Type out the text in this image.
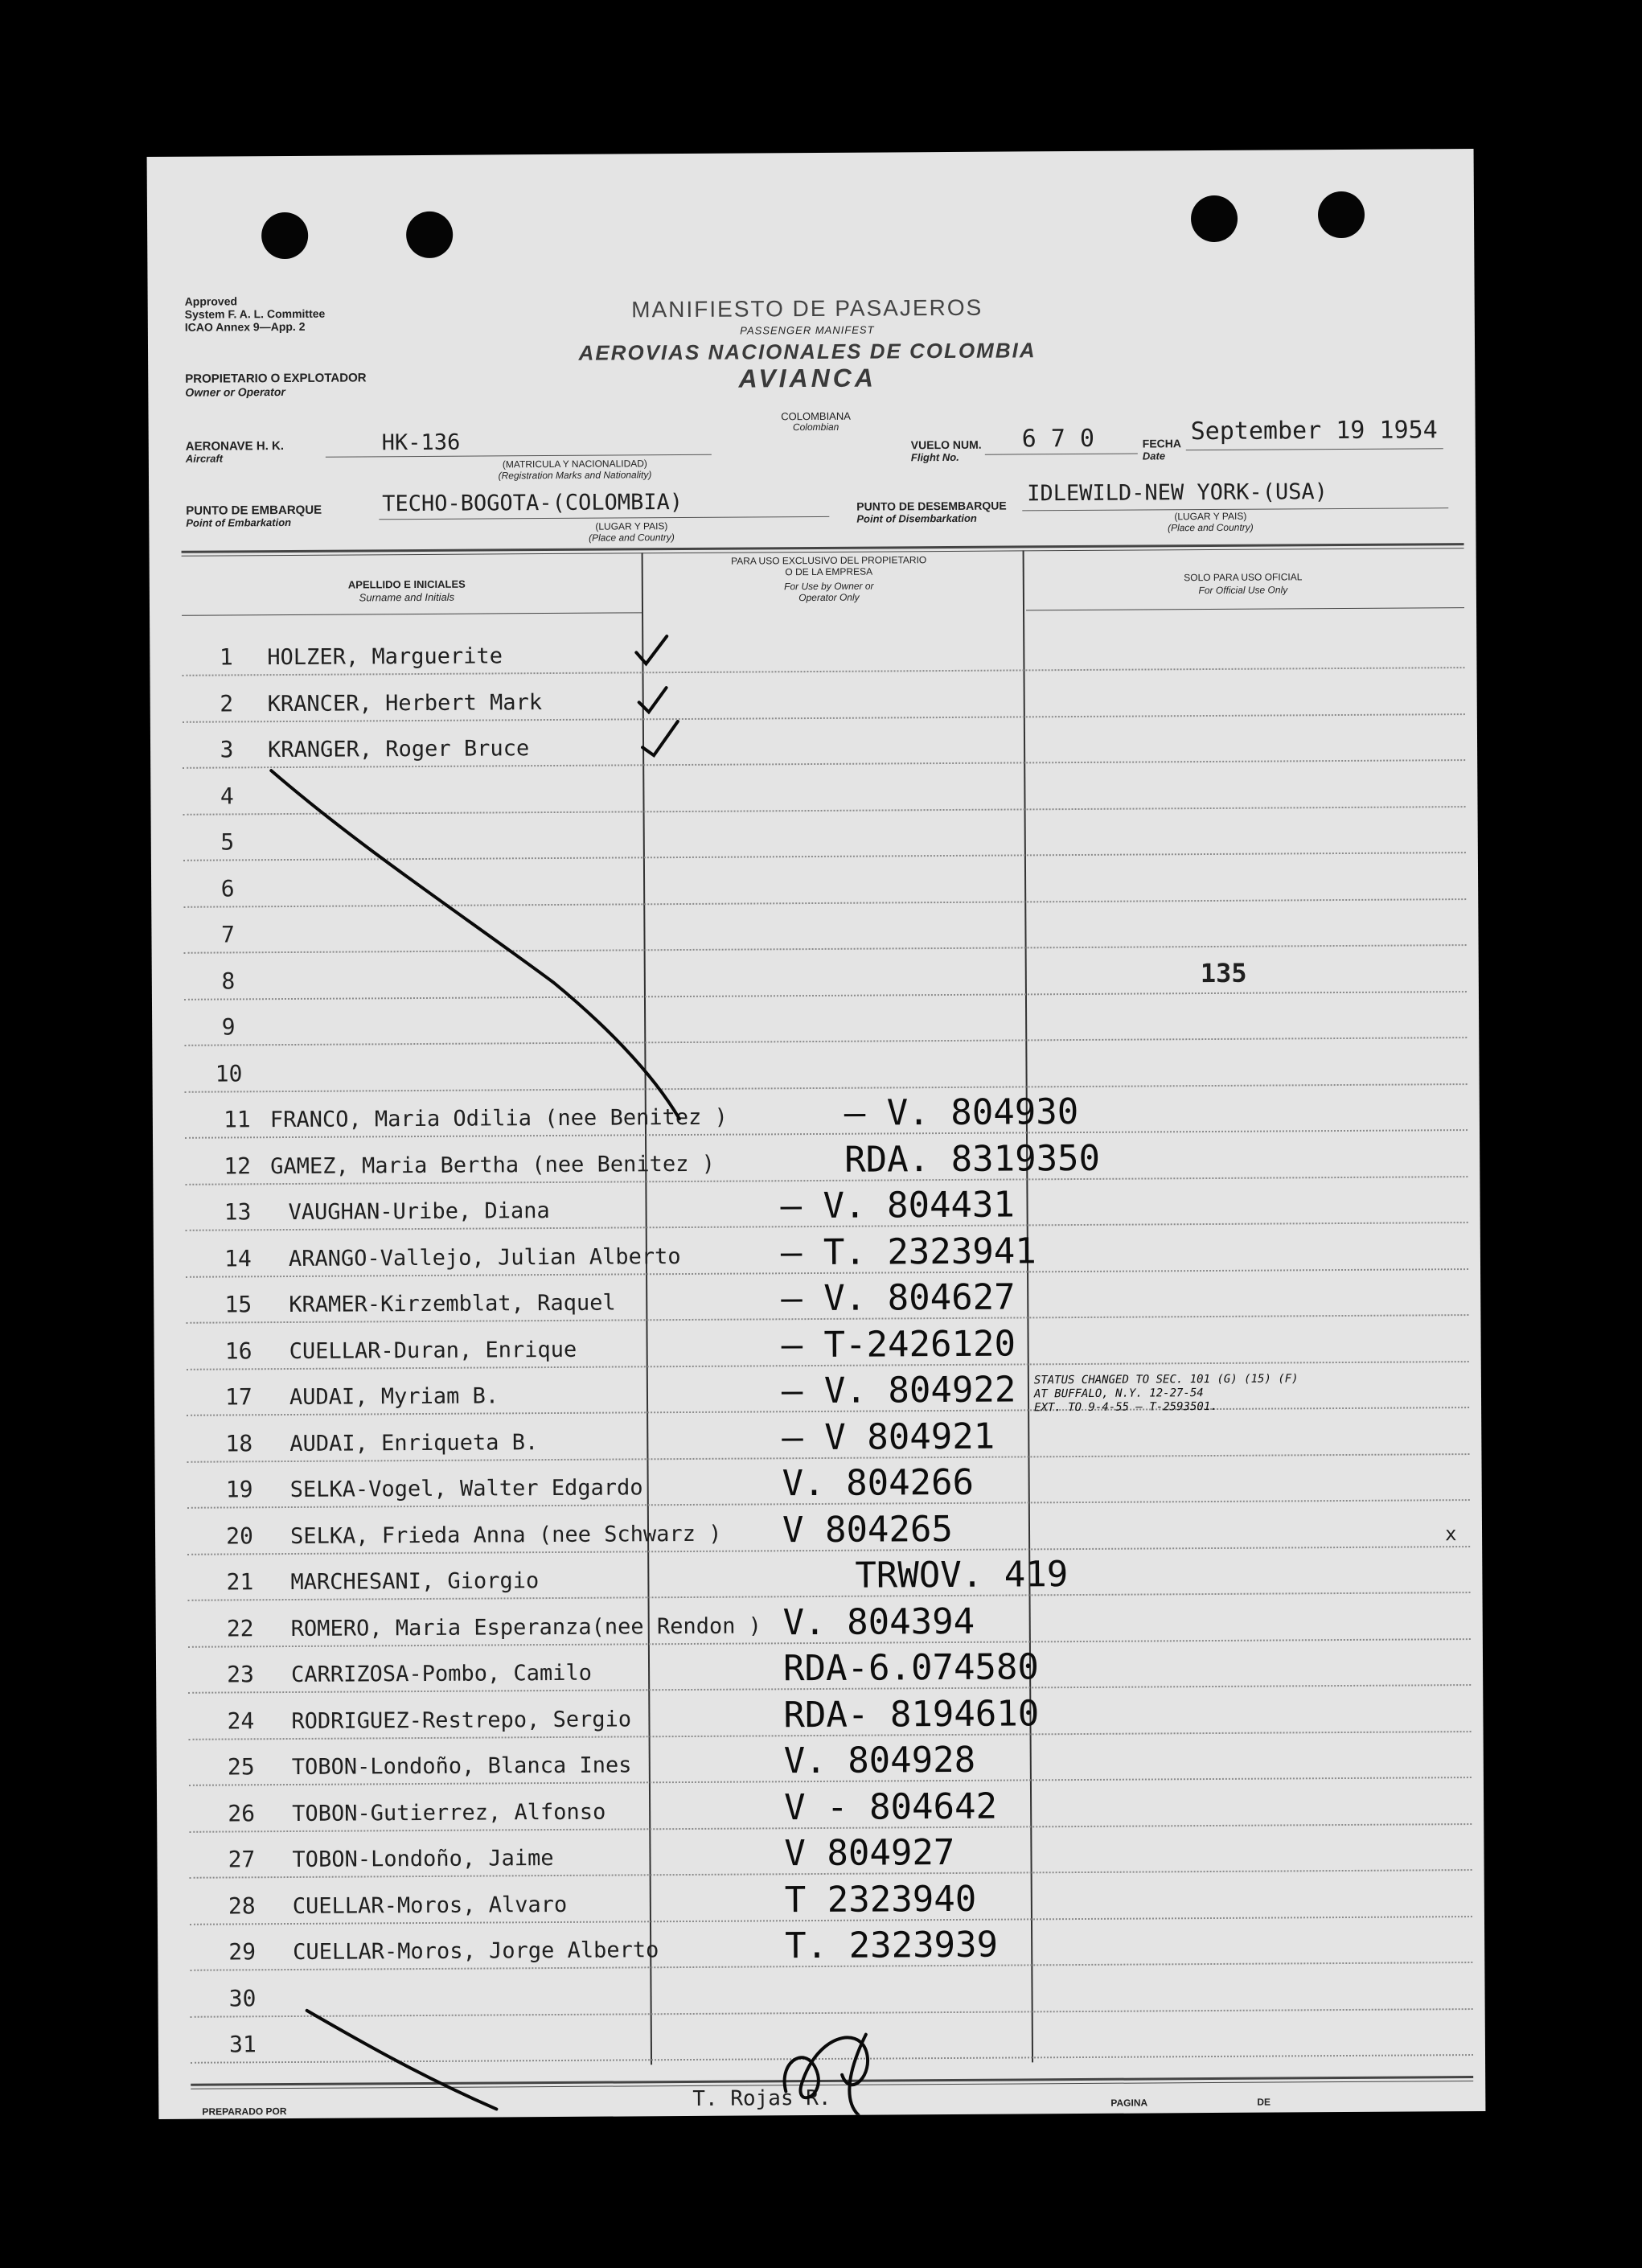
Approved
System F. A. L. Committee
ICAO Annex 9—App. 2
MANIFIESTO DE PASAJEROS
PASSENGER MANIFEST
AEROVIAS NACIONALES DE COLOMBIA
AVIANCA
PROPIETARIO O EXPLOTADOR
Owner or Operator
AERONAVE H. K.
Aircraft
HK-136
(MATRICULA Y NACIONALIDAD)
(Registration Marks and Nationality)
COLOMBIANA
Colombian
VUELO NUM.
Flight No.
6 7 0	FECHA
Date
September 19 1954
PUNTO DE EMBARQUE
Point of Embarkation
TECHO-BOGOTA-(COLOMBIA)
(LUGAR Y PAIS)
(Place and Country)
PUNTO DE DESEMBARQUE
Point of Disembarkation
IDLEWILD-NEW YORK-(USA)
(LUGAR Y PAIS)
(Place and Country)
APELLIDO E INICIALES
Surname and Initials
PARA USO EXCLUSIVO DEL PROPIETARIO
O DE LA EMPRESA
For Use by Owner or
Operator Only
SOLO PARA USO OFICIAL
For Official Use Only
1	HOLZER, Marguerite
2	KRANCER, Herbert Mark
3	KRANGER, Roger Bruce
4
5
6
7
8
9
10
11 FRANCO, Maria Odilia (nee Benitez )	— V. 804930
12 GAMEZ, Maria Bertha (nee Benitez )	RDA. 8319350
13 VAUGHAN-Uribe, Diana	— V. 804431
14 ARANGO-Vallejo, Julian Alberto	— T. 2323941
15 KRAMER-Kirzemblat, Raquel	— V. 804627
16 CUELLAR-Duran, Enrique	— T-2426120
17 AUDAI, Myriam B.	— V. 804922
18 AUDAI, Enriqueta B.	— V 804921
19 SELKA-Vogel, Walter Edgardo	V. 804266
20 SELKA, Frieda Anna (nee Schwarz ) V 804265
21 MARCHESANI, Giorgio	TRWOV. 419
22 ROMERO, Maria Esperanza(nee Rendon ) V. 804394
23 CARRIZOSA-Pombo, Camilo	RDA-6.074580
24 RODRIGUEZ-Restrepo, Sergio	RDA- 8194610
25 TOBON-Londoño, Blanca Ines	V. 804928
26 TOBON-Gutierrez, Alfonso	V - 804642
27 TOBON-Londoño, Jaime	V 804927
28 CUELLAR-Moros, Alvaro	T 2323940
29 CUELLAR-Moros, Jorge Alberto	T. 2323939
30
31
135
STATUS CHANGED TO SEC. 101 (G) (15) (F)
AT BUFFALO, N.Y. 12-27-54
EXT. TO 9-4-55 — T-2593501.
x
PREPARADO POR
T. Rojas R.	PAGINA	DE
